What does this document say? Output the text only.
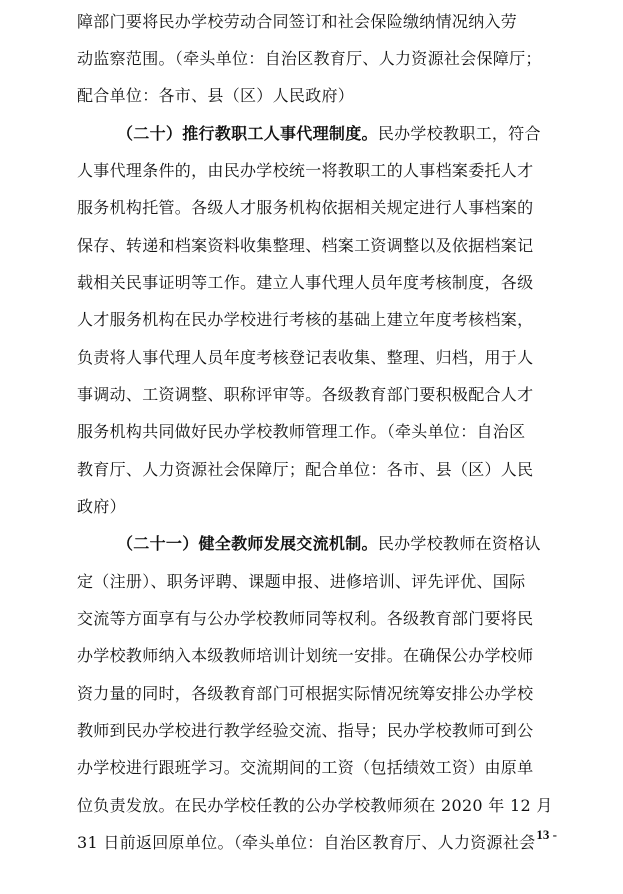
障部门要将民办学校劳动合同签订和社会保险缴纳情况纳入劳
动监察范围。（牵头单位：自治区教育厅、人力资源社会保障厅；
配合单位：各市、县（区）人民政府）
（二十）推行教职工人事代理制度。民办学校教职工，符合
人事代理条件的，由民办学校统一将教职工的人事档案委托人才
服务机构托管。各级人才服务机构依据相关规定进行人事档案的
保存、转递和档案资料收集整理、档案工资调整以及依据档案记
载相关民事证明等工作。建立人事代理人员年度考核制度，各级
人才服务机构在民办学校进行考核的基础上建立年度考核档案，
负责将人事代理人员年度考核登记表收集、整理、归档，用于人
事调动、工资调整、职称评审等。各级教育部门要积极配合人才
服务机构共同做好民办学校教师管理工作。（牵头单位：自治区
教育厅、人力资源社会保障厅；配合单位：各市、县（区）人民
政府）
（二十一）健全教师发展交流机制。民办学校教师在资格认
定（注册）、职务评聘、课题申报、进修培训、评先评优、国际
交流等方面享有与公办学校教师同等权利。各级教育部门要将民
办学校教师纳入本级教师培训计划统一安排。在确保公办学校师
资力量的同时，各级教育部门可根据实际情况统筹安排公办学校
教师到民办学校进行教学经验交流、指导；民办学校教师可到公
办学校进行跟班学习。交流期间的工资（包括绩效工资）由原单
位负责发放。在民办学校任教的公办学校教师须在 2020 年 12 月
31 日前返回原单位。（牵头单位：自治区教育厅、人力资源社会
- 13 -
